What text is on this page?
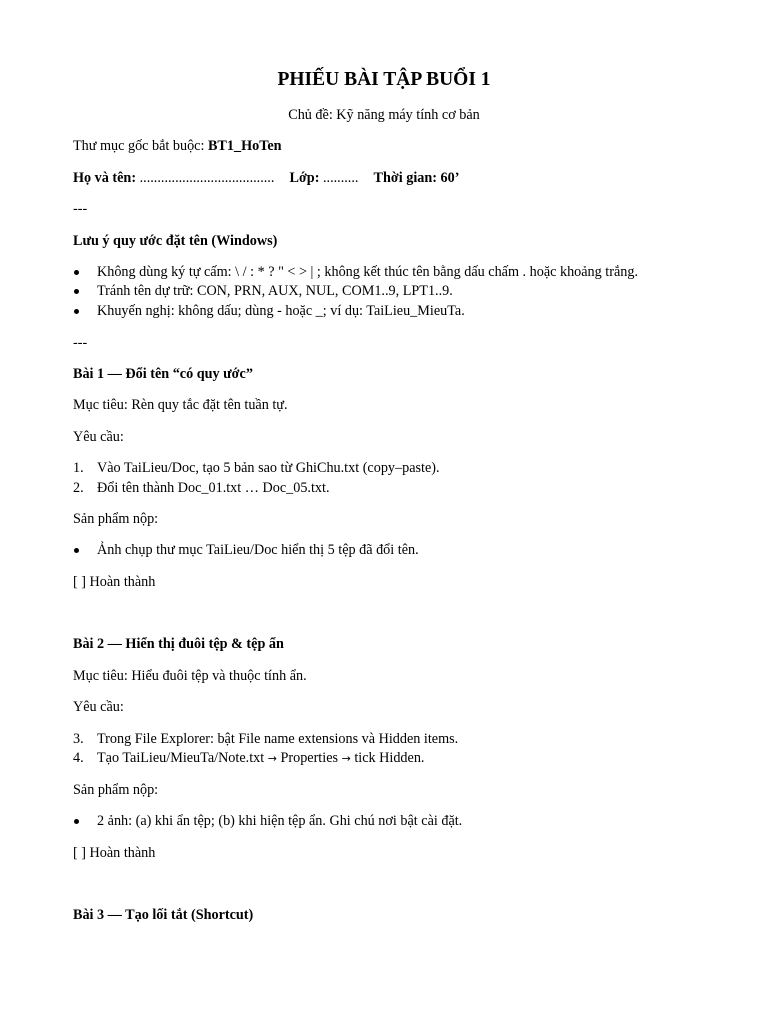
PHIẾU BÀI TẬP BUỔI 1
Chủ đề: Kỹ năng máy tính cơ bản
Thư mục gốc bắt buộc: BT1_HoTen
Họ và tên: ...................................... Lớp: .......... Thời gian: 60’
---
Lưu ý quy ước đặt tên (Windows)
Không dùng ký tự cấm: \ / : * ? " < > | ; không kết thúc tên bằng dấu chấm . hoặc khoảng trắng.
Tránh tên dự trữ: CON, PRN, AUX, NUL, COM1..9, LPT1..9.
Khuyến nghị: không dấu; dùng - hoặc _; ví dụ: TaiLieu_MieuTa.
---
Bài 1 — Đổi tên “có quy ước”
Mục tiêu: Rèn quy tắc đặt tên tuần tự.
Yêu cầu:
1. Vào TaiLieu/Doc, tạo 5 bản sao từ GhiChu.txt (copy–paste).
2. Đổi tên thành Doc_01.txt … Doc_05.txt.
Sản phẩm nộp:
Ảnh chụp thư mục TaiLieu/Doc hiển thị 5 tệp đã đổi tên.
[ ] Hoàn thành
Bài 2 — Hiển thị đuôi tệp & tệp ẩn
Mục tiêu: Hiểu đuôi tệp và thuộc tính ẩn.
Yêu cầu:
3. Trong File Explorer: bật File name extensions và Hidden items.
4. Tạo TaiLieu/MieuTa/Note.txt → Properties → tick Hidden.
Sản phẩm nộp:
2 ảnh: (a) khi ẩn tệp; (b) khi hiện tệp ẩn. Ghi chú nơi bật cài đặt.
[ ] Hoàn thành
Bài 3 — Tạo lối tắt (Shortcut)
